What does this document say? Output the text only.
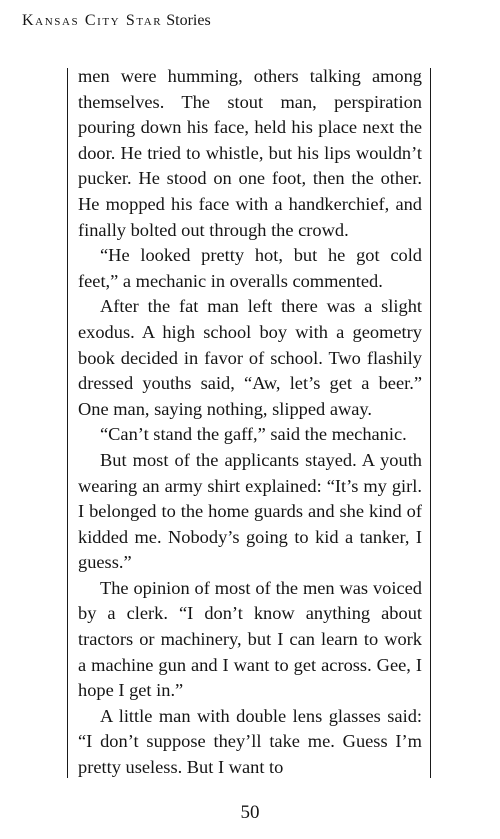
Kansas City Star Stories

men were humming, others talking among themselves. The stout man, perspiration pouring down his face, held his place next the door. He tried to whistle, but his lips wouldn’t pucker. He stood on one foot, then the other. He mopped his face with a handkerchief, and finally bolted out through the crowd.

“He looked pretty hot, but he got cold feet,” a mechanic in overalls commented.

After the fat man left there was a slight exodus. A high school boy with a geometry book decided in favor of school. Two flashily dressed youths said, “Aw, let’s get a beer.” One man, saying nothing, slipped away.

“Can’t stand the gaff,” said the mechanic.

But most of the applicants stayed. A youth wearing an army shirt explained: “It’s my girl. I belonged to the home guards and she kind of kidded me. Nobody’s going to kid a tanker, I guess.”

The opinion of most of the men was voiced by a clerk. “I don’t know anything about tractors or machinery, but I can learn to work a machine gun and I want to get across. Gee, I hope I get in.”

A little man with double lens glasses said: “I don’t suppose they’ll take me. Guess I’m pretty useless. But I want to

50
